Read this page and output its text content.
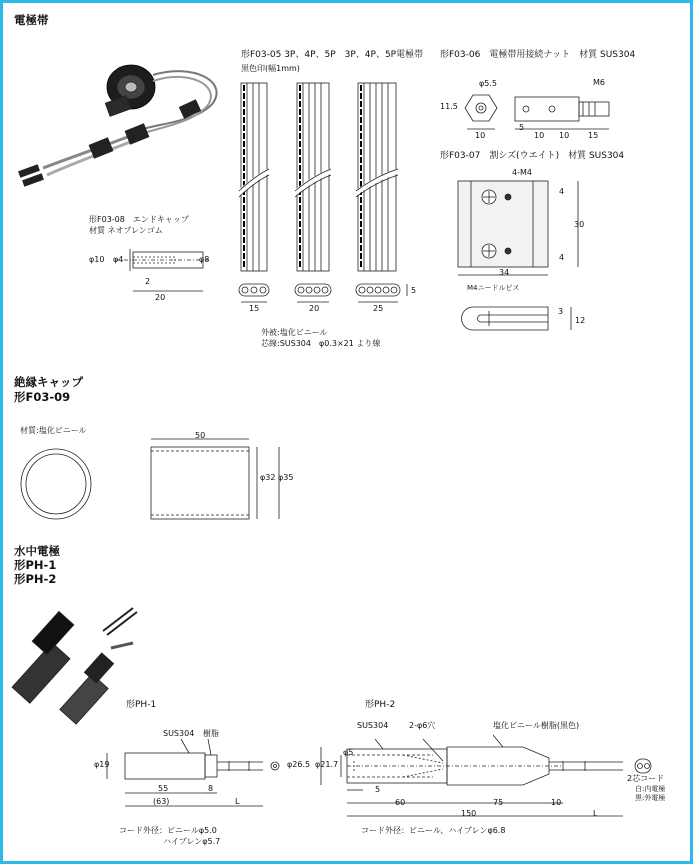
電極帯
絶縁キャップ
形F03-09
水中電極
形PH-1
形PH-2
形F03-05 3P、4P、5P　3P、4P、5P電極帯
黒色印(幅1mm)
15	20	25
5
外被:塩化ビニール
芯線:SUS304　φ0.3×21 より線
形F03-06　電極帯用接続ナット　材質 SUS304
φ5.5
11.5
10
M6
5
10 10 15
形F03-07　割シズ(ウエイト)　材質 SUS304
4-M4
4
30
4
34
M4ニードルビス
3
12
形F03-08　エンドキャップ
材質 ネオプレンゴム
φ10 φ4	φ8
2
20
材質:塩化ビニール
50
φ32 φ35
形PH-1
SUS304 樹脂
φ19
55	8
(63)	L
コード外径：ビニールφ5.0
ハイプレンφ5.7
形PH-2
SUS304	2-φ6穴	塩化ビニール樹脂(黒色)
φ5
φ26.5 φ21.7
5
60	75	10
150	L
2芯コード
白:内電極
黒:外電極
コード外径：ビニール、ハイプレンφ6.8
